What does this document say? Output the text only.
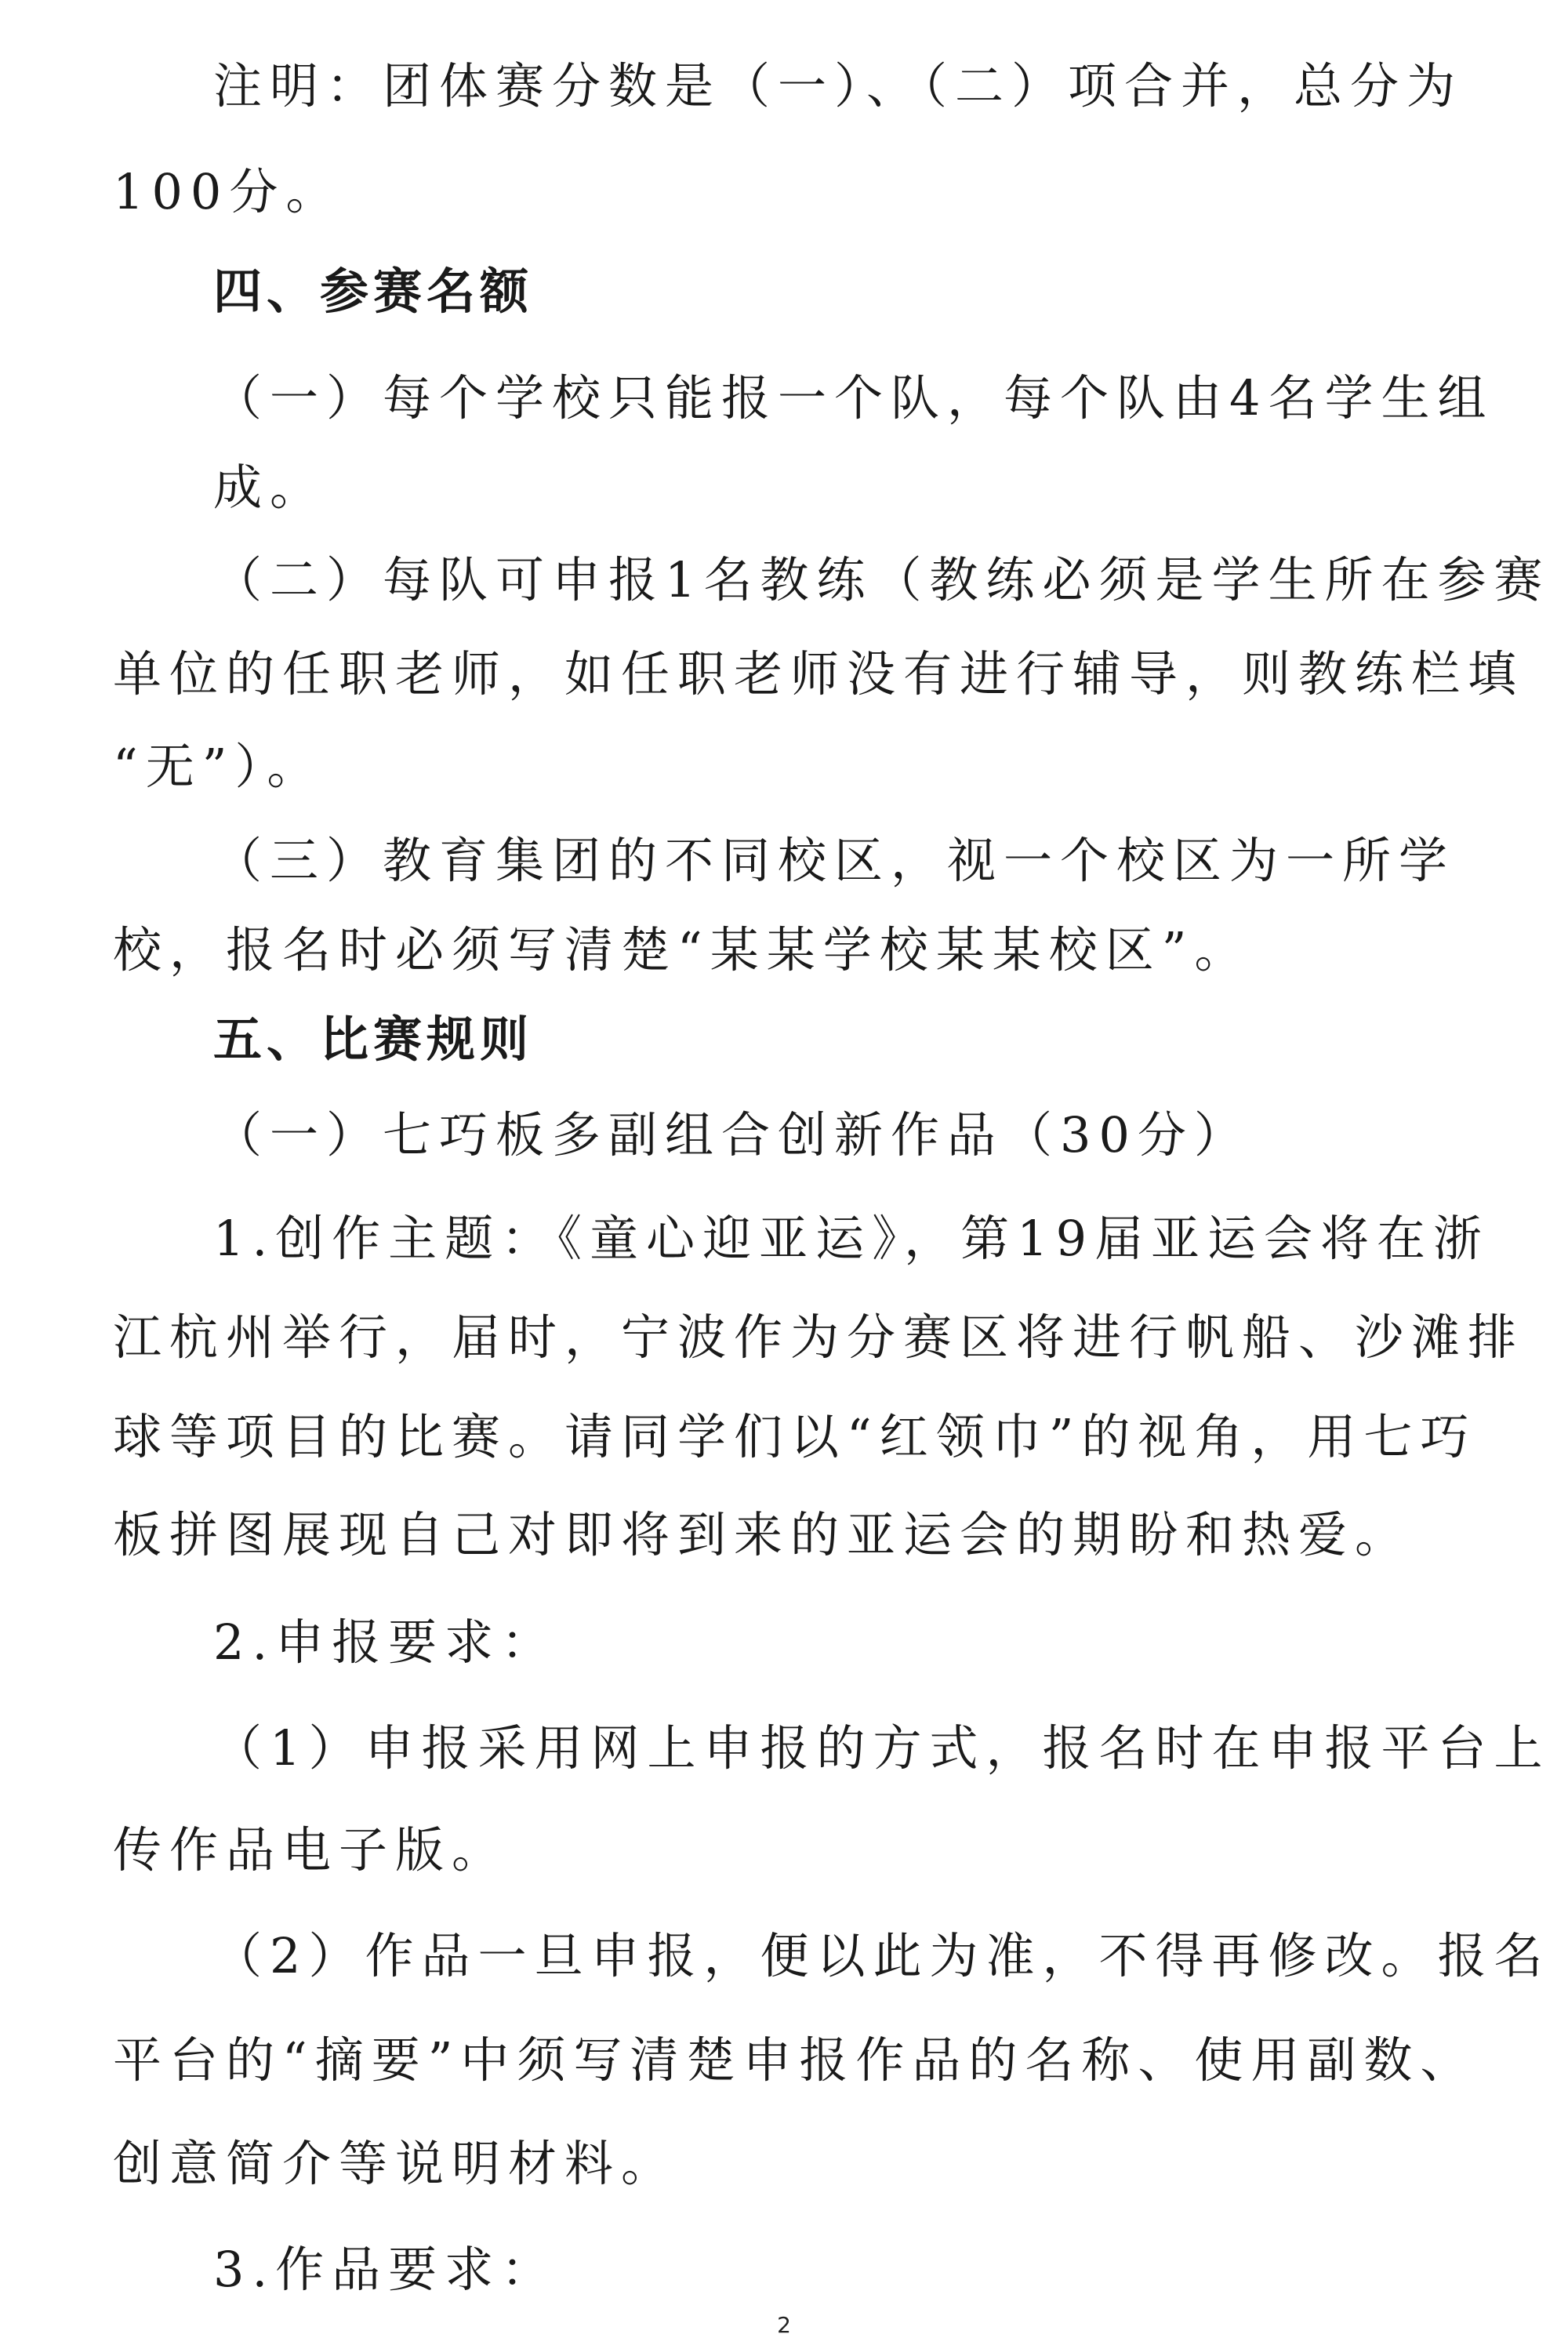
注明：团体赛分数是（一）、（二）项合并，总分为
100分。
四、参赛名额
（一）每个学校只能报一个队，每个队由4名学生组
成。
（二）每队可申报1名教练（教练必须是学生所在参赛
单位的任职老师，如任职老师没有进行辅导，则教练栏填
“无”）。
（三）教育集团的不同校区，视一个校区为一所学
校，报名时必须写清楚“某某学校某某校区”。
五、比赛规则
（一）七巧板多副组合创新作品（30分）
1.创作主题：《童心迎亚运》，第19届亚运会将在浙
江杭州举行，届时，宁波作为分赛区将进行帆船、沙滩排
球等项目的比赛。请同学们以“红领巾”的视角，用七巧
板拼图展现自己对即将到来的亚运会的期盼和热爱。
2.申报要求：
（1）申报采用网上申报的方式，报名时在申报平台上
传作品电子版。
（2）作品一旦申报，便以此为准，不得再修改。报名
平台的“摘要”中须写清楚申报作品的名称、使用副数、
创意简介等说明材料。
3.作品要求：
2
